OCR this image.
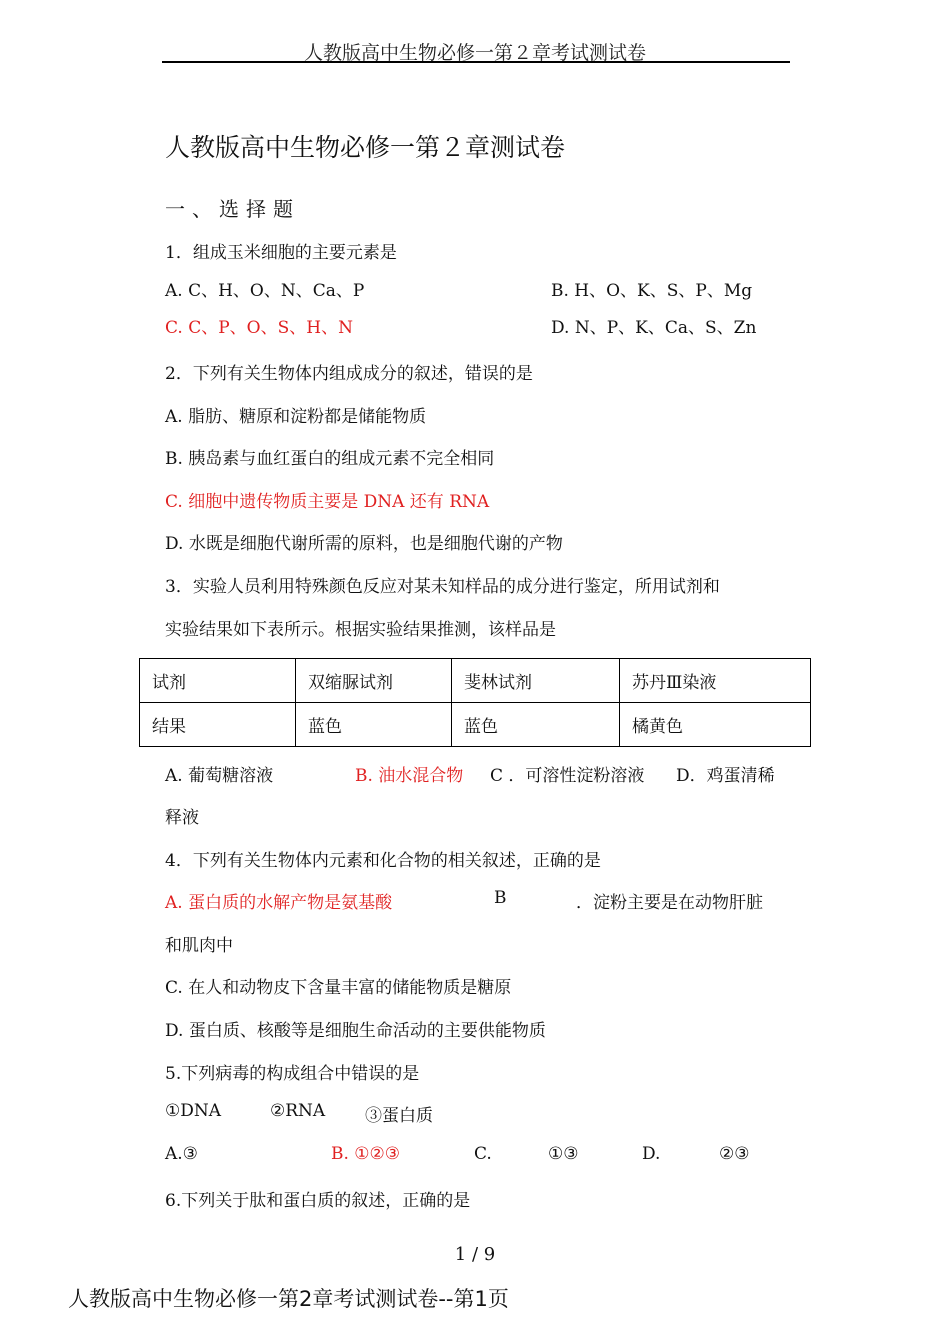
人教版高中生物必修一第２章考试测试卷
人教版高中生物必修一第２章测试卷
一、选择题
1．组成玉米细胞的主要元素是
A. C、H、O、N、Ca、P	B. H、O、K、S、P、Mg
C. C、P、O、S、H、N	D. N、P、K、Ca、S、Zn
2．下列有关生物体内组成成分的叙述，错误的是
A. 脂肪、糖原和淀粉都是储能物质
B. 胰岛素与血红蛋白的组成元素不完全相同
C. 细胞中遗传物质主要是 DNA 还有 RNA
D. 水既是细胞代谢所需的原料，也是细胞代谢的产物
3．实验人员利用特殊颜色反应对某未知样品的成分进行鉴定，所用试剂和
实验结果如下表所示。根据实验结果推测，该样品是
试剂	双缩脲试剂	斐林试剂	苏丹Ⅲ染液
结果	蓝色	蓝色	橘黄色
A. 葡萄糖溶液	B. 油水混合物 C ．可溶性淀粉溶液 D．鸡蛋清稀
释液
4．下列有关生物体内元素和化合物的相关叙述，正确的是
A. 蛋白质的水解产物是氨基酸	B	．淀粉主要是在动物肝脏
和肌肉中
C. 在人和动物皮下含量丰富的储能物质是糖原
D. 蛋白质、核酸等是细胞生命活动的主要供能物质
5.下列病毒的构成组合中错误的是
①DNA	②RNA ③蛋白质
A.③	B. ①②③	C.	①③	D.	②③
6.下列关于肽和蛋白质的叙述，正确的是
1 / 9
人教版高中生物必修一第2章考试测试卷--第1页
